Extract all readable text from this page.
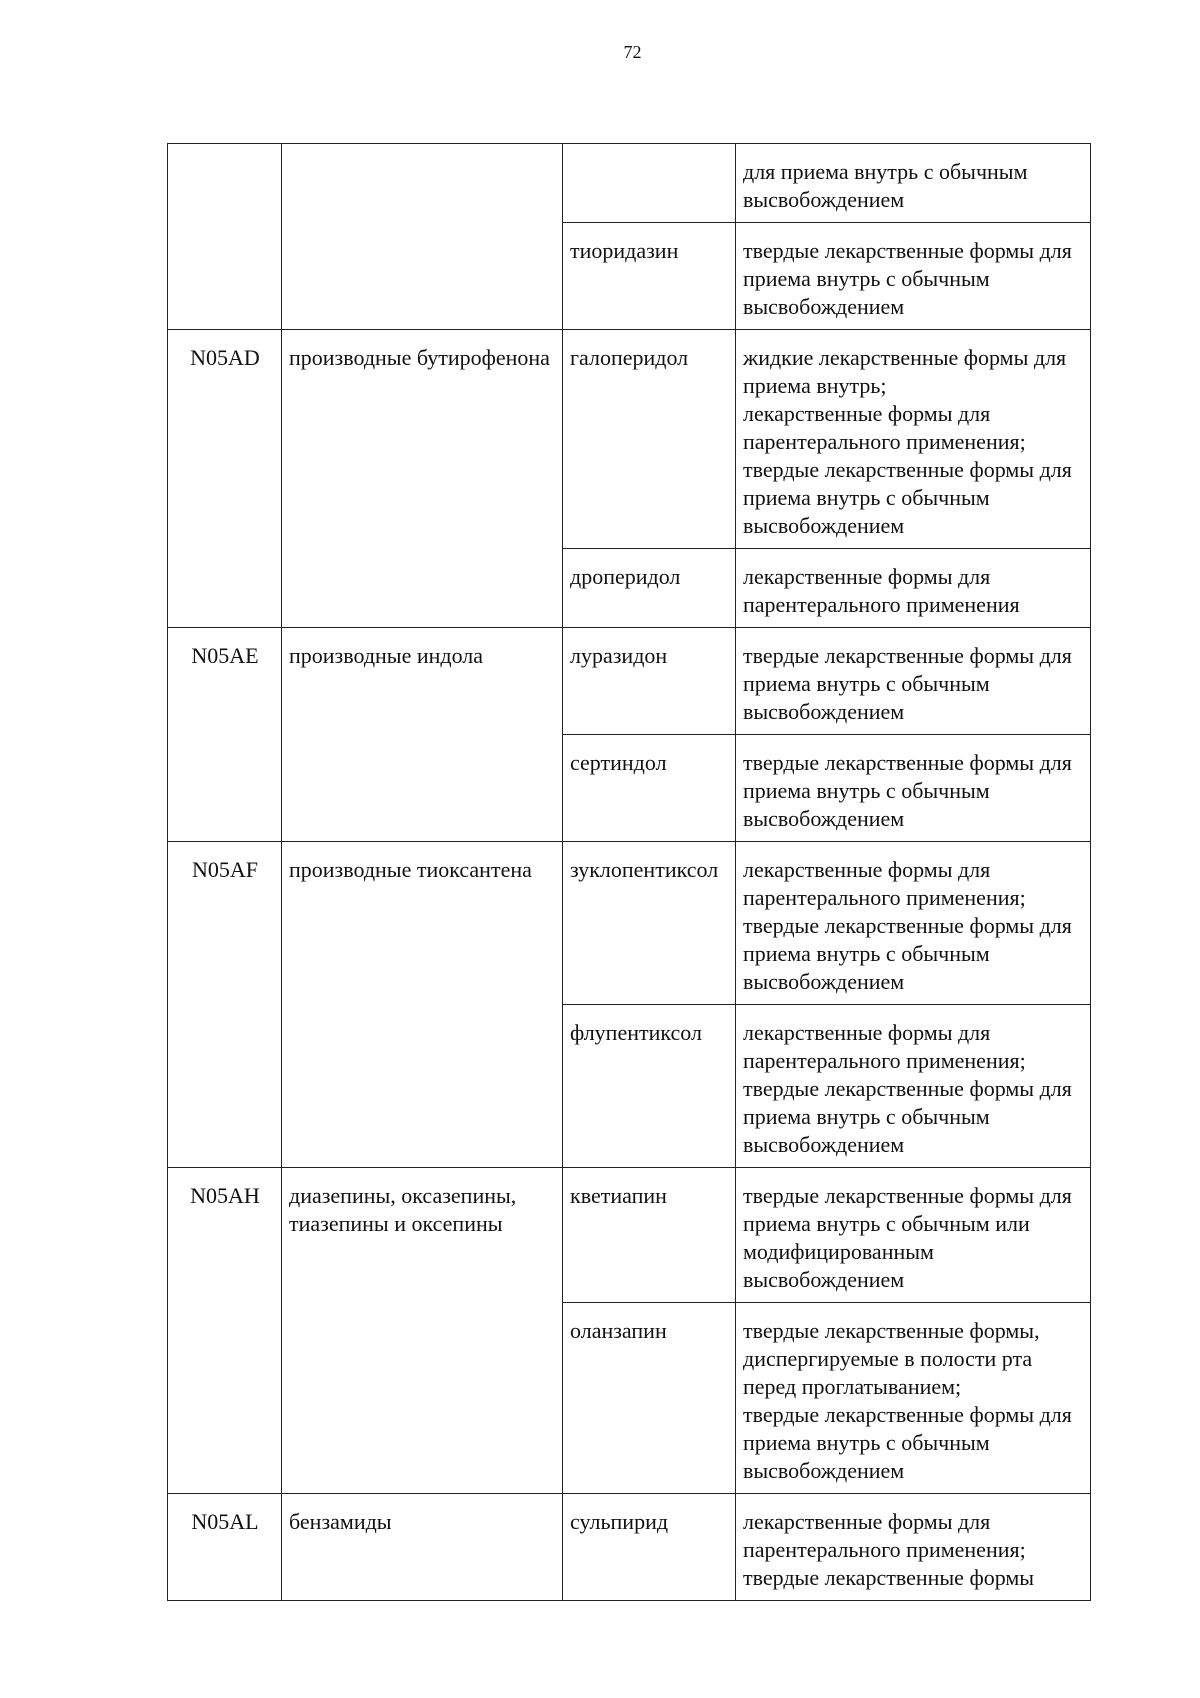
72

			для приема внутрь с обычным высвобождением

		тиоридазин	твердые лекарственные формы для приема внутрь с обычным высвобождением

N05AD	производные бутирофенона	галоперидол	жидкие лекарственные формы для приема внутрь;
лекарственные формы для парентерального применения;
твердые лекарственные формы для приема внутрь с обычным высвобождением

		дроперидол	лекарственные формы для парентерального применения

N05AE	производные индола	луразидон	твердые лекарственные формы для приема внутрь с обычным высвобождением

		сертиндол	твердые лекарственные формы для приема внутрь с обычным высвобождением

N05AF	производные тиоксантена	зуклопентиксол	лекарственные формы для парентерального применения;
твердые лекарственные формы для приема внутрь с обычным высвобождением

		флупентиксол	лекарственные формы для парентерального применения;
твердые лекарственные формы для приема внутрь с обычным высвобождением

N05AH	диазепины, оксазепины, тиазепины и оксепины	кветиапин	твердые лекарственные формы для приема внутрь с обычным или модифицированным высвобождением

		оланзапин	твердые лекарственные формы, диспергируемые в полости рта перед проглатыванием;
твердые лекарственные формы для приема внутрь с обычным высвобождением

N05AL	бензамиды	сульпирид	лекарственные формы для парентерального применения;
твердые лекарственные формы
